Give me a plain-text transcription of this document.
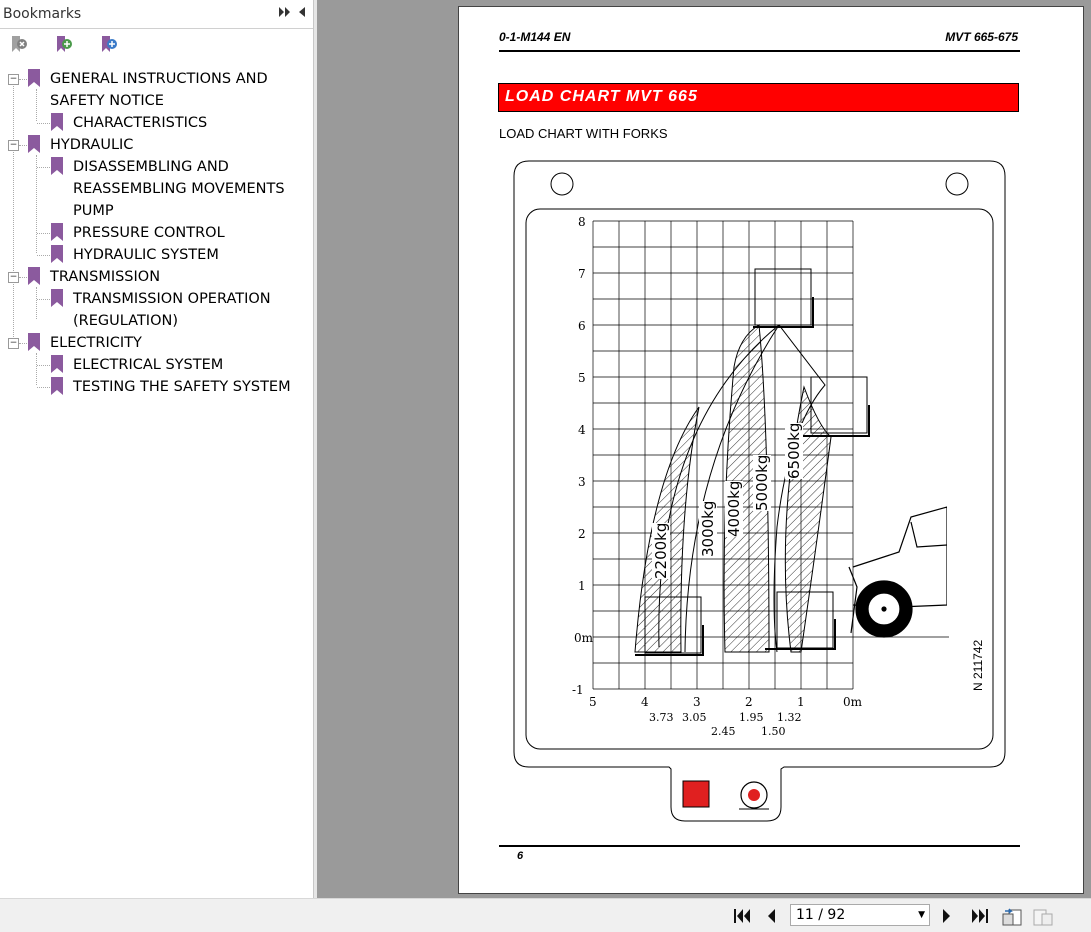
Bookmarks
− GENERAL INSTRUCTIONS AND
SAFETY NOTICE
CHARACTERISTICS
− HYDRAULIC
DISASSEMBLING AND
REASSEMBLING MOVEMENTS
PUMP
PRESSURE CONTROL
HYDRAULIC SYSTEM
− TRANSMISSION
TRANSMISSION OPERATION
(REGULATION)
− ELECTRICITY
ELECTRICAL SYSTEM
TESTING THE SAFETY SYSTEM
0-1-M144 EN	MVT 665-675
LOAD CHART MVT 665
LOAD CHART WITH FORKS
8
7
6
5
4
3
2
1
0m
-1
5	4	3	2	1	0m
3.73 3.05
2.45
1.95
1.50
1.32
2200kg 3000kg 4000kg 5000kg
6500kg
N 211742
6
11 / 92	▼
